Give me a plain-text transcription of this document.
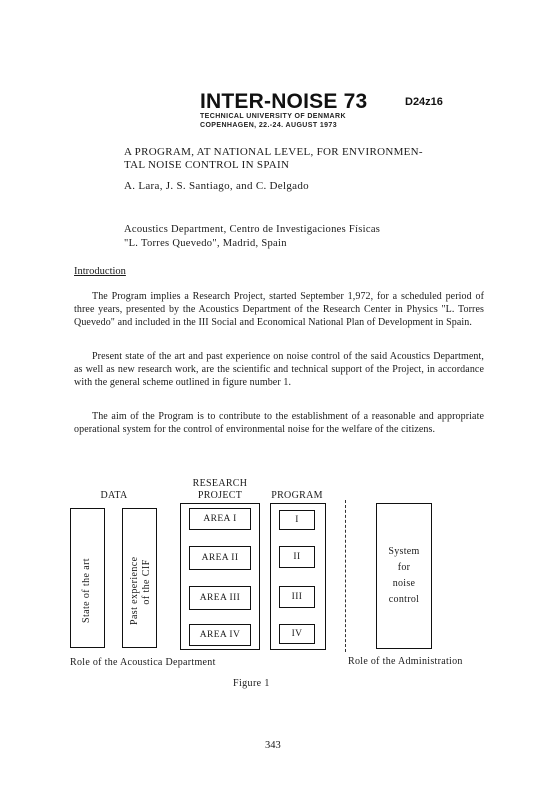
INTER-NOISE 73	D24z16
TECHNICAL UNIVERSITY OF DENMARK
COPENHAGEN, 22.-24. AUGUST 1973
A PROGRAM, AT NATIONAL LEVEL, FOR ENVIRONMEN-
TAL NOISE CONTROL IN SPAIN
A. Lara, J. S. Santiago, and C. Delgado
Acoustics Department, Centro de Investigaciones Físicas
"L. Torres Quevedo", Madrid, Spain
Introduction

The Program implies a Research Project, started September 1,972, for a scheduled period of three years, presented by the Acoustics Department of the Research Center in Physics "L. Torres Quevedo" and included in the III Social and Economical National Plan of Development in Spain.

Present state of the art and past experience on noise control of the said Acoustics Department, as well as new research work, are the scientific and technical support of the Project, in accordance with the general scheme outlined in figure number 1.

The aim of the Program is to contribute to the establishment of a reasonable and appropriate operational system for the control of environmental noise for the welfare of the citizens.

DATA
RESEARCH
PROJECT	PROGRAM
State of the art	Past experience of the CIF
AREA I
AREA II
AREA III
AREA IV
I
II
III
IV
System
for
noise
control
Role of the Acoustica Department	Role of the Administration
Figure 1
343
